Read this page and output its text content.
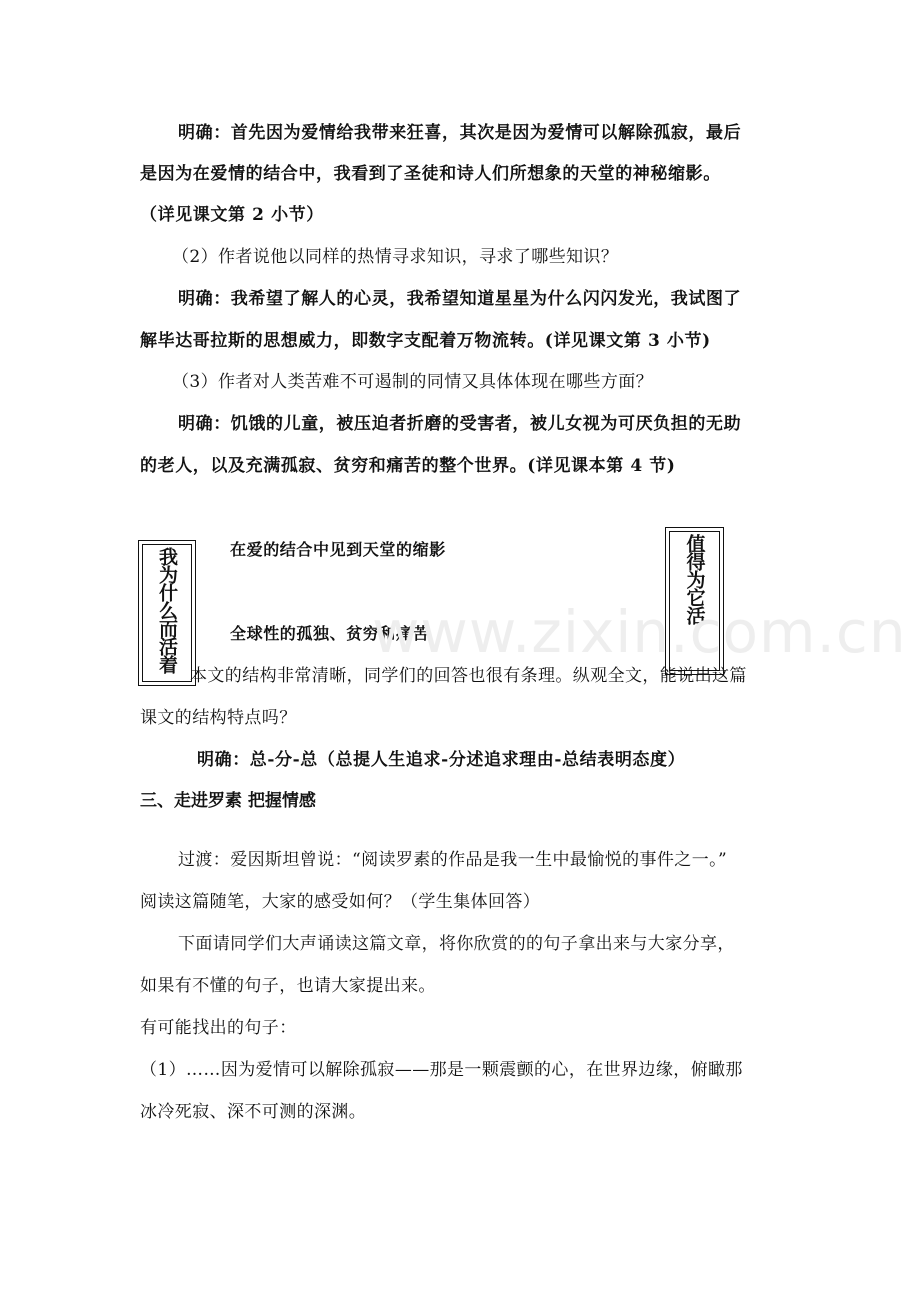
明确：首先因为爱情给我带来狂喜，其次是因为爱情可以解除孤寂，最后
是因为在爱情的结合中，我看到了圣徒和诗人们所想象的天堂的神秘缩影。
（详见课文第 2 小节）
（2）作者说他以同样的热情寻求知识，寻求了哪些知识？
明确：我希望了解人的心灵，我希望知道星星为什么闪闪发光，我试图了
解毕达哥拉斯的思想威力，即数字支配着万物流转。(详见课文第 3 小节)
（3）作者对人类苦难不可遏制的同情又具体体现在哪些方面？
明确：饥饿的儿童，被压迫者折磨的受害者，被儿女视为可厌负担的无助
的老人，以及充满孤寂、贫穷和痛苦的整个世界。(详见课本第 4 节)
我为什么而活着	值得为它活
在爱的结合中见到天堂的缩影
全球性的孤独、贫穷和痛苦
www.zixin.com.cn
本文的结构非常清晰，同学们的回答也很有条理。纵观全文，能说出这篇
课文的结构特点吗？
明确：总-分-总（总提人生追求-分述追求理由-总结表明态度）
三、走进罗素 把握情感
过渡：爱因斯坦曾说：“阅读罗素的作品是我一生中最愉悦的事件之一。”
阅读这篇随笔，大家的感受如何？（学生集体回答）
下面请同学们大声诵读这篇文章，将你欣赏的的句子拿出来与大家分享，
如果有不懂的句子，也请大家提出来。
有可能找出的句子：
（1）……因为爱情可以解除孤寂——那是一颗震颤的心，在世界边缘，俯瞰那
冰冷死寂、深不可测的深渊。
